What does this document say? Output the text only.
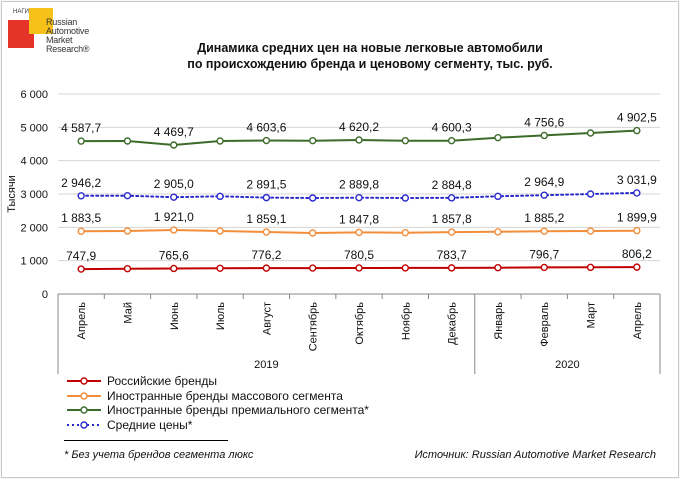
НАГИ
Russian
Automotive
Market
Research®	Динамика средних цен на новые легковые автомобили
по происхождению бренда и ценовому сегменту, тыс. руб.
0
1 000
2 000
3 000
4 000
5 000
6 000
Тысячи
Апрель	Май	Июнь	Июль	Август	Сентябрь	Октябрь	Ноябрь	Декабрь	Январь	Февраль	Март	Апрель
2019	2020
747,9	765,6	776,2	780,5	783,7	796,7	806,2
1 883,5	1 921,0	1 859,1	1 847,8	1 857,8	1 885,2	1 899,9
4 587,7	4 469,7	4 603,6	4 620,2	4 600,3	4 756,6	4 902,5
2 946,2	2 905,0	2 891,5	2 889,8	2 884,8	2 964,9	3 031,9
Российские бренды
Иностранные бренды массового сегмента
Иностранные бренды премиального сегмента*
Средние цены*
* Без учета брендов сегмента люкс	Источник: Russian Automotive Market Research
